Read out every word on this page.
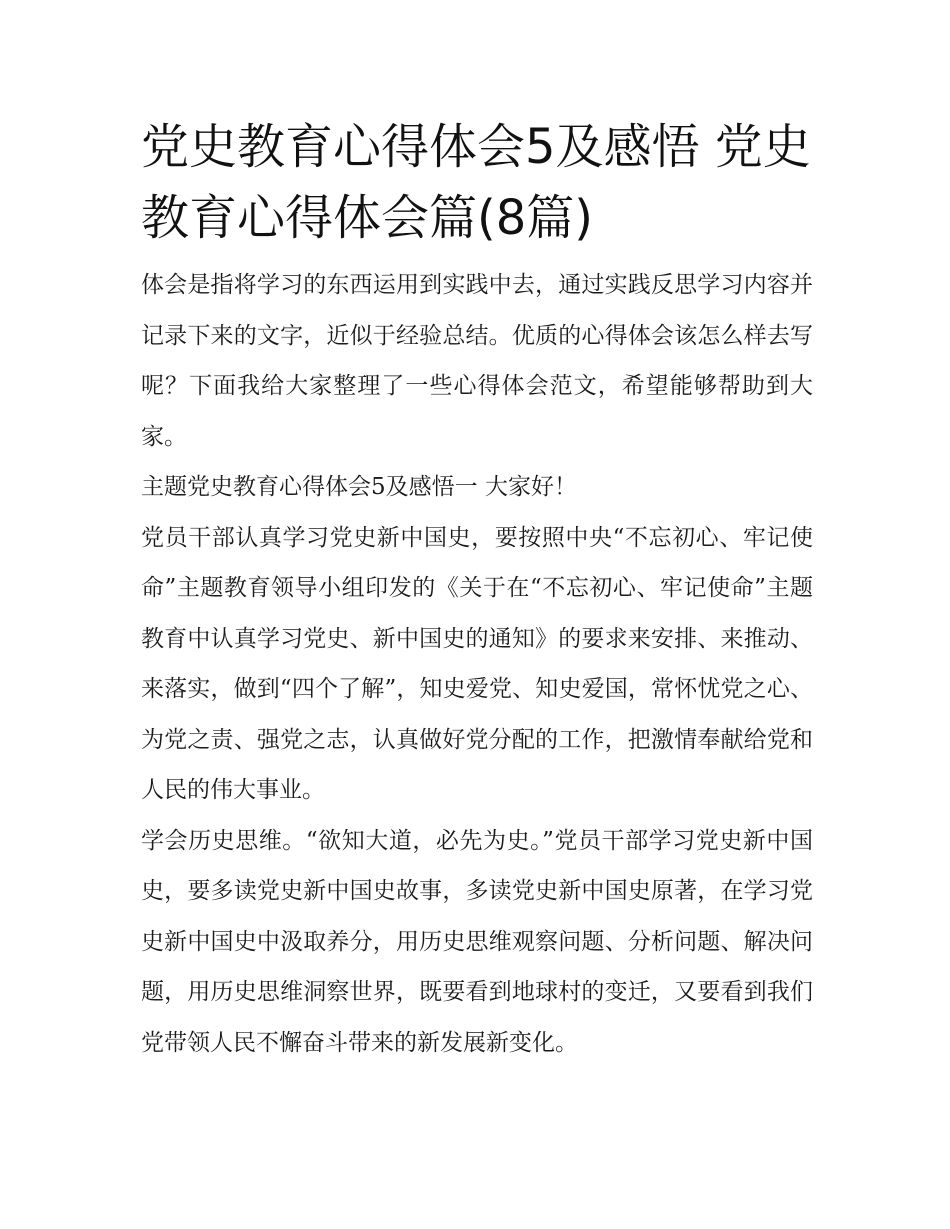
党史教育心得体会5及感悟 党史教育心得体会篇(8篇)

体会是指将学习的东西运用到实践中去，通过实践反思学习内容并记录下来的文字，近似于经验总结。优质的心得体会该怎么样去写呢？下面我给大家整理了一些心得体会范文，希望能够帮助到大家。

主题党史教育心得体会5及感悟一 大家好！

党员干部认真学习党史新中国史，要按照中央“不忘初心、牢记使命”主题教育领导小组印发的《关于在“不忘初心、牢记使命”主题教育中认真学习党史、新中国史的通知》的要求来安排、来推动、来落实，做到“四个了解”，知史爱党、知史爱国，常怀忧党之心、为党之责、强党之志，认真做好党分配的工作，把激情奉献给党和人民的伟大事业。

学会历史思维。“欲知大道，必先为史。”党员干部学习党史新中国史，要多读党史新中国史故事，多读党史新中国史原著，在学习党史新中国史中汲取养分，用历史思维观察问题、分析问题、解决问题，用历史思维洞察世界，既要看到地球村的变迁，又要看到我们党带领人民不懈奋斗带来的新发展新变化。
